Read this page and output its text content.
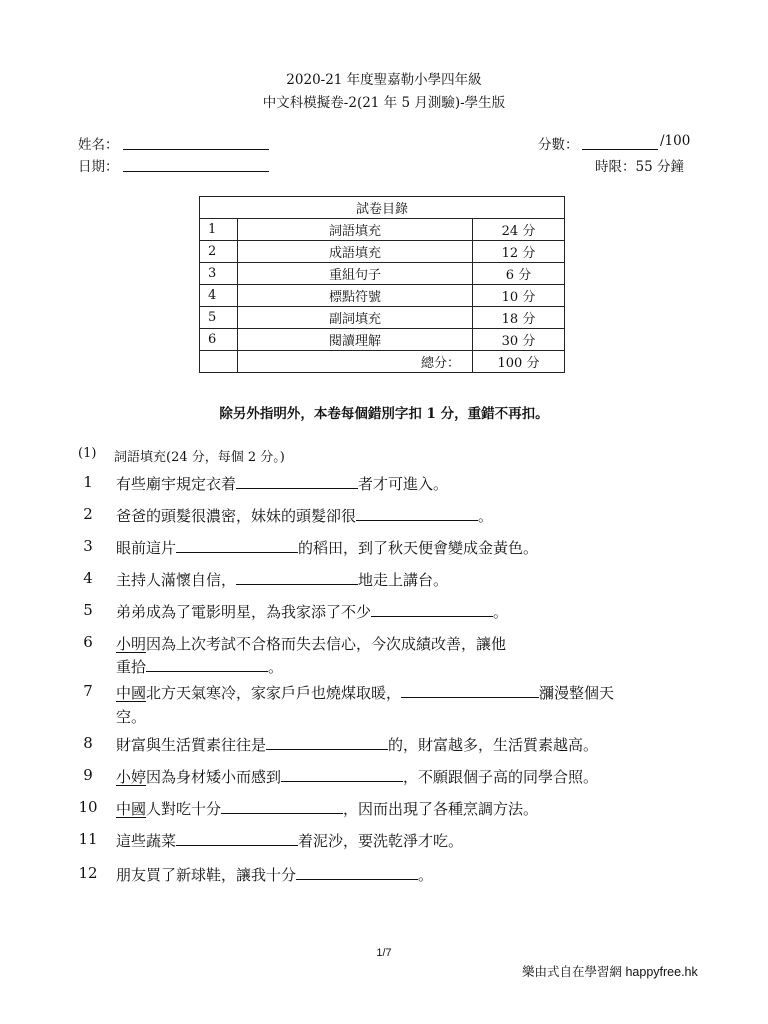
2020-21 年度聖嘉勒小學四年級
中文科模擬卷-2(21 年 5 月測驗)-學生版
姓名：
日期：
分數：	/100
時限：55 分鐘
試卷目錄		
1	詞語填充	24 分
2	成語填充	12 分
3	重組句子	6 分
4	標點符號	10 分
5	副詞填充	18 分
6	閱讀理解	30 分
	總分：	100 分
除另外指明外，本卷每個錯別字扣 1 分，重錯不再扣。
(1) 詞語填充(24 分，每個 2 分。)
1	有些廟宇規定衣着	者才可進入。
2	爸爸的頭髮很濃密，妹妹的頭髮卻很	。
3	眼前這片	的稻田，到了秋天便會變成金黃色。
4	主持人滿懷自信，	地走上講台。
5	弟弟成為了電影明星，為我家添了不少	。
6	小明因為上次考試不合格而失去信心，今次成績改善，讓他
重拾	。
7	中國北方天氣寒冷，家家戶戶也燒煤取暖，	瀰漫整個天
空。
8	財富與生活質素往往是	的，財富越多，生活質素越高。
9	小婷因為身材矮小而感到	，不願跟個子高的同學合照。
10	中國人對吃十分	，因而出現了各種烹調方法。
11	這些蔬菜	着泥沙，要洗乾淨才吃。
12	朋友買了新球鞋，讓我十分	。
1/7
樂由式自在學習網 happyfree.hk
